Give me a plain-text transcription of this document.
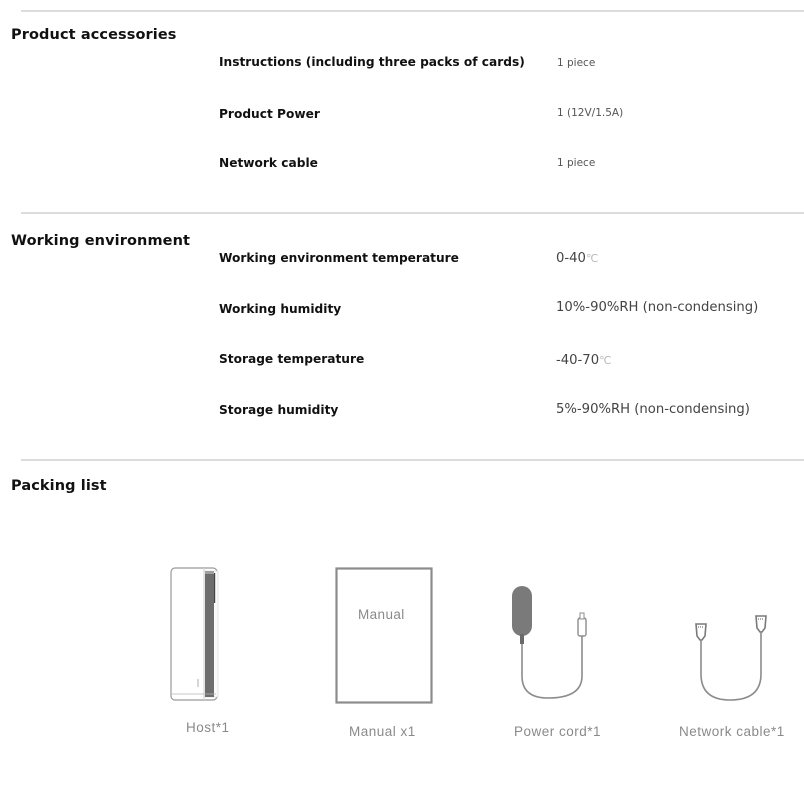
Product accessories
Instructions (including three packs of cards)	1 piece
Product Power	1 (12V/1.5A)
Network cable	1 piece
Working environment
Working environment temperature	0-40℃
Working humidity	10%-90%RH (non-condensing)
Storage temperature	-40-70℃
Storage humidity	5%-90%RH (non-condensing)
Packing list
Host*1
Manual
Manual x1	Power cord*1	Network cable*1
